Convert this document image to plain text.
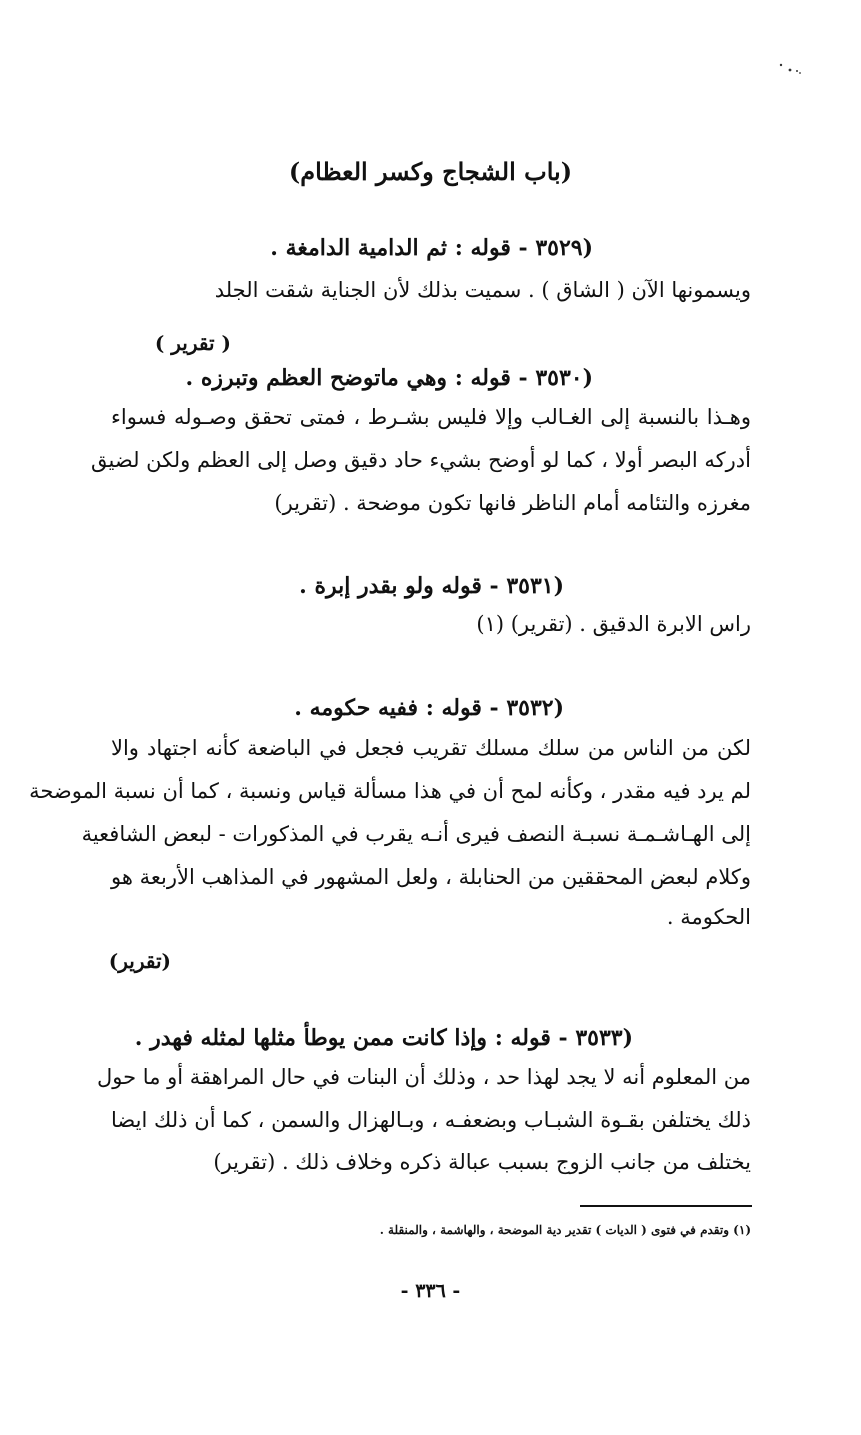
(باب الشجاج وكسر العظام)
(٣٥٢٩ - قوله : ثم الدامية الدامغة .
ويسمونها الآن ( الشاق ) . سميت بذلك لأن الجناية شقت الجلد
( تقرير )
(٣٥٣٠ - قوله : وهي ماتوضح العظم وتبرزه .
وهـذا بالنسبة إلى الغـالب وإلا فليس بشـرط ، فمتى تحقق وصـوله فسواء
أدركه البصر أولا ، كما لو أوضح بشيء حاد دقيق وصل إلى العظم ولكن لضيق
مغرزه والتئامه أمام الناظر فانها تكون موضحة . (تقرير)
(٣٥٣١ - قوله ولو بقدر إبرة .
راس الابرة الدقيق . (تقرير) (١)
(٣٥٣٢ - قوله : ففيه حكومه .
لكن من الناس من سلك مسلك تقريب فجعل في الباضعة كأنه اجتهاد والا
لم يرد فيه مقدر ، وكأنه لمح أن في هذا مسألة قياس ونسبة ، كما أن نسبة الموضحة
إلى الهـاشـمـة نسبـة النصف فيرى أنـه يقرب في المذكورات - لبعض الشافعية
وكلام لبعض المحققين من الحنابلة ، ولعل المشهور في المذاهب الأربعة هو
الحكومة .
(تقرير)
(٣٥٣٣ - قوله : وإذا كانت ممن يوطأ مثلها لمثله فهدر .
من المعلوم أنه لا يجد لهذا حد ، وذلك أن البنات في حال المراهقة أو ما حول
ذلك يختلفن بقـوة الشبـاب وبضعفـه ، وبـالهزال والسمن ، كما أن ذلك ايضا
يختلف من جانب الزوج بسبب عبالة ذكره وخلاف ذلك . (تقرير)
(١) وتقدم في فتوى ( الديات ) تقدير دية الموضحة ، والهاشمة ، والمنقلة .
- ٣٣٦ -
